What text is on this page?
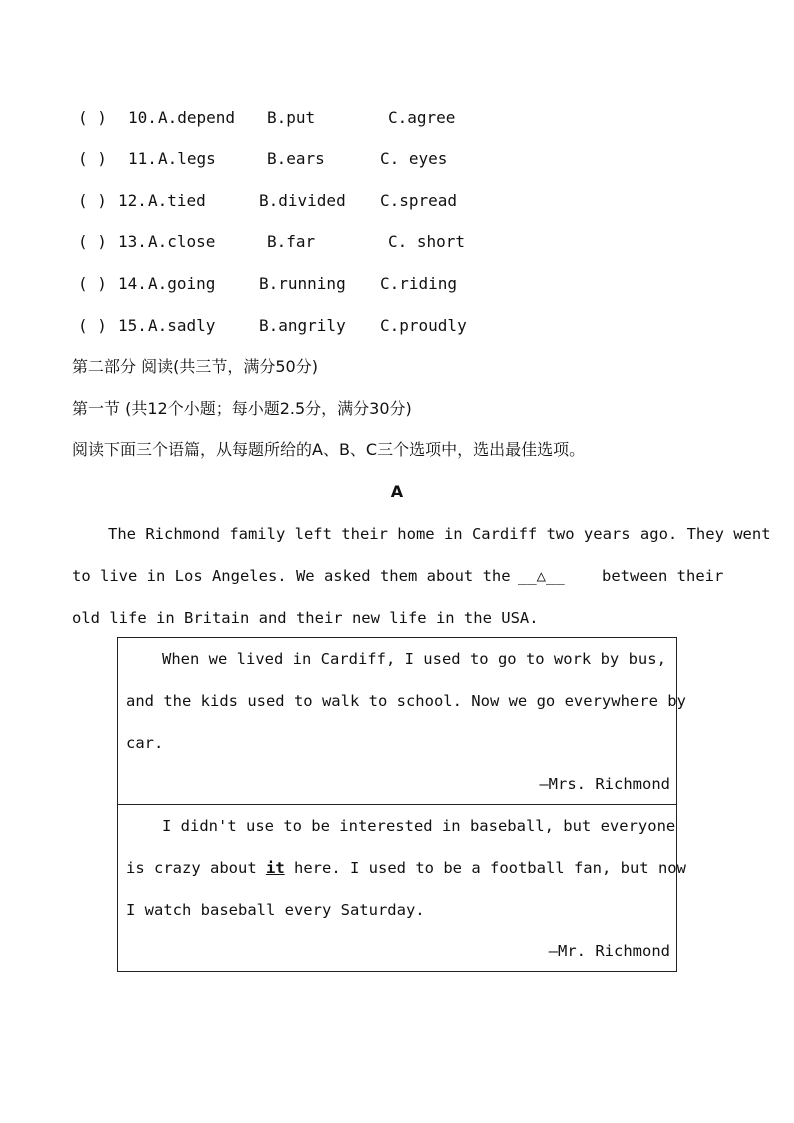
( ) 10. A.depend B.put	C.agree
( ) 11. A.legs	B.ears	C. eyes
( ) 12. A.tied	B.divided C.spread
( ) 13. A.close	B.far	C. short
( ) 14. A.going	B.running C.riding
( ) 15. A.sadly	B.angrily C.proudly
第二部分 阅读(共三节，满分50分)
第一节 (共12个小题；每小题2.5分，满分30分)
阅读下面三个语篇，从每题所给的A、B、C三个选项中，选出最佳选项。
A
The Richmond family left their home in Cardiff two years ago. They went
to live in Los Angeles. We asked them about the __△__ between their
old life in Britain and their new life in the USA.
When we lived in Cardiff, I used to go to work by bus,
and the kids used to walk to school. Now we go everywhere by
car.
—Mrs. Richmond
I didn't use to be interested in baseball, but everyone
is crazy about it here. I used to be a football fan, but now
I watch baseball every Saturday.
—Mr. Richmond
